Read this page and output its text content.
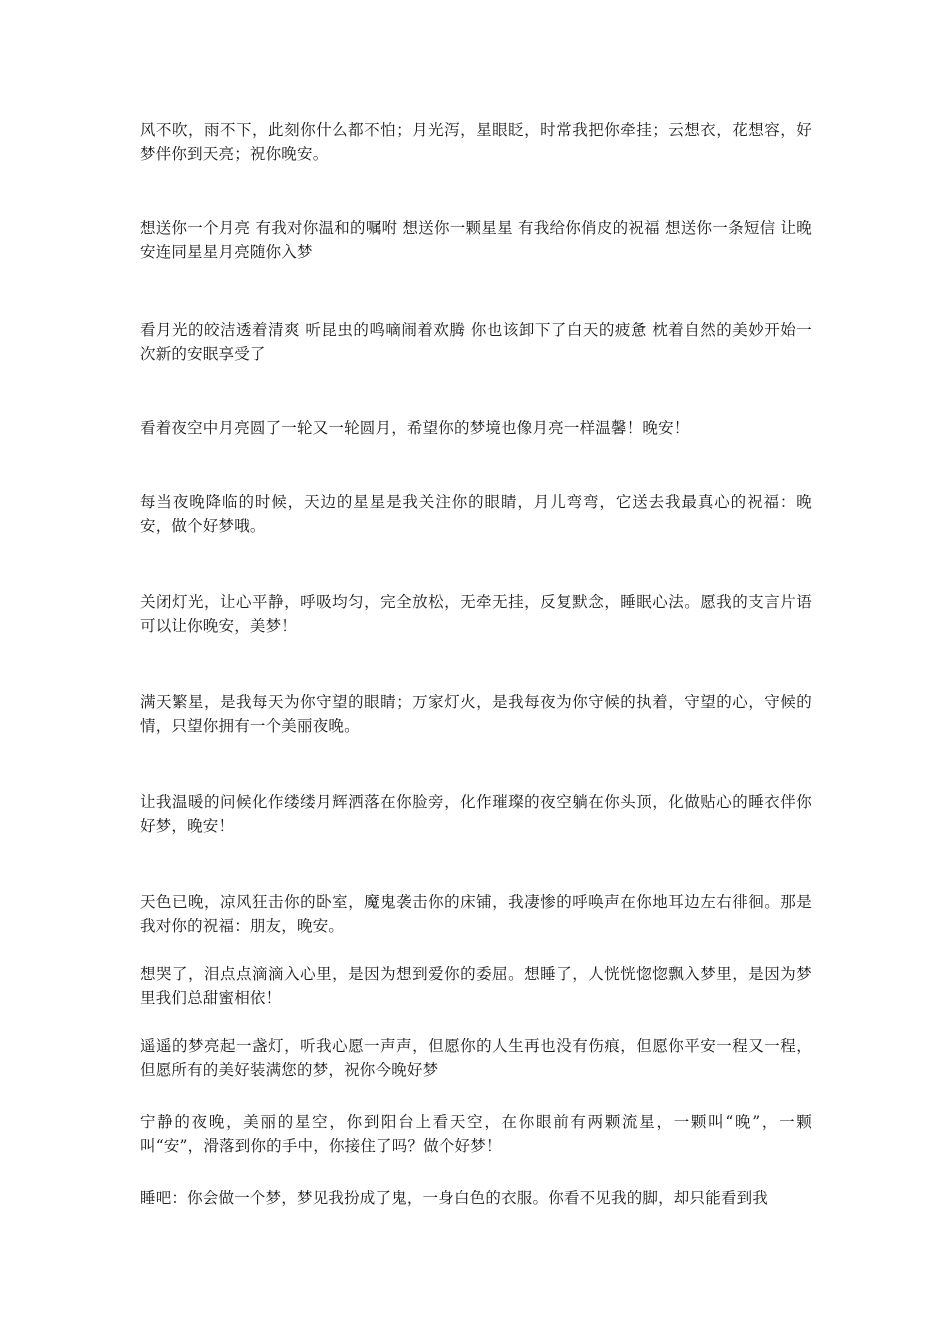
风不吹，雨不下，此刻你什么都不怕；月光泻，星眼眨，时常我把你牵挂；云想衣，花想容，好梦伴你到天亮；祝你晚安。

想送你一个月亮 有我对你温和的嘱咐 想送你一颗星星 有我给你俏皮的祝福 想送你一条短信 让晚安连同星星月亮随你入梦

看月光的皎洁透着清爽 听昆虫的鸣嘀闹着欢腾 你也该卸下了白天的疲惫 枕着自然的美妙开始一次新的安眠享受了

看着夜空中月亮圆了一轮又一轮圆月，希望你的梦境也像月亮一样温馨！晚安！

每当夜晚降临的时候，天边的星星是我关注你的眼睛，月儿弯弯，它送去我最真心的祝福：晚安，做个好梦哦。

关闭灯光，让心平静，呼吸均匀，完全放松，无牵无挂，反复默念，睡眠心法。愿我的支言片语可以让你晚安，美梦！

满天繁星，是我每天为你守望的眼睛；万家灯火，是我每夜为你守候的执着，守望的心，守候的情，只望你拥有一个美丽夜晚。

让我温暖的问候化作缕缕月辉洒落在你脸旁，化作璀璨的夜空躺在你头顶，化做贴心的睡衣伴你好梦，晚安！

天色已晚，凉风狂击你的卧室，魔鬼袭击你的床铺，我凄惨的呼唤声在你地耳边左右徘徊。那是我对你的祝福：朋友，晚安。

想哭了，泪点点滴滴入心里，是因为想到爱你的委屈。想睡了，人恍恍惚惚飘入梦里，是因为梦里我们总甜蜜相依！

遥遥的梦亮起一盏灯，听我心愿一声声，但愿你的人生再也没有伤痕，但愿你平安一程又一程，但愿所有的美好装满您的梦，祝你今晚好梦

宁静的夜晚，美丽的星空，你到阳台上看天空，在你眼前有两颗流星，一颗叫“晚”，一颗叫“安”，滑落到你的手中，你接住了吗？做个好梦！

睡吧：你会做一个梦，梦见我扮成了鬼，一身白色的衣服。你看不见我的脚，却只能看到我
